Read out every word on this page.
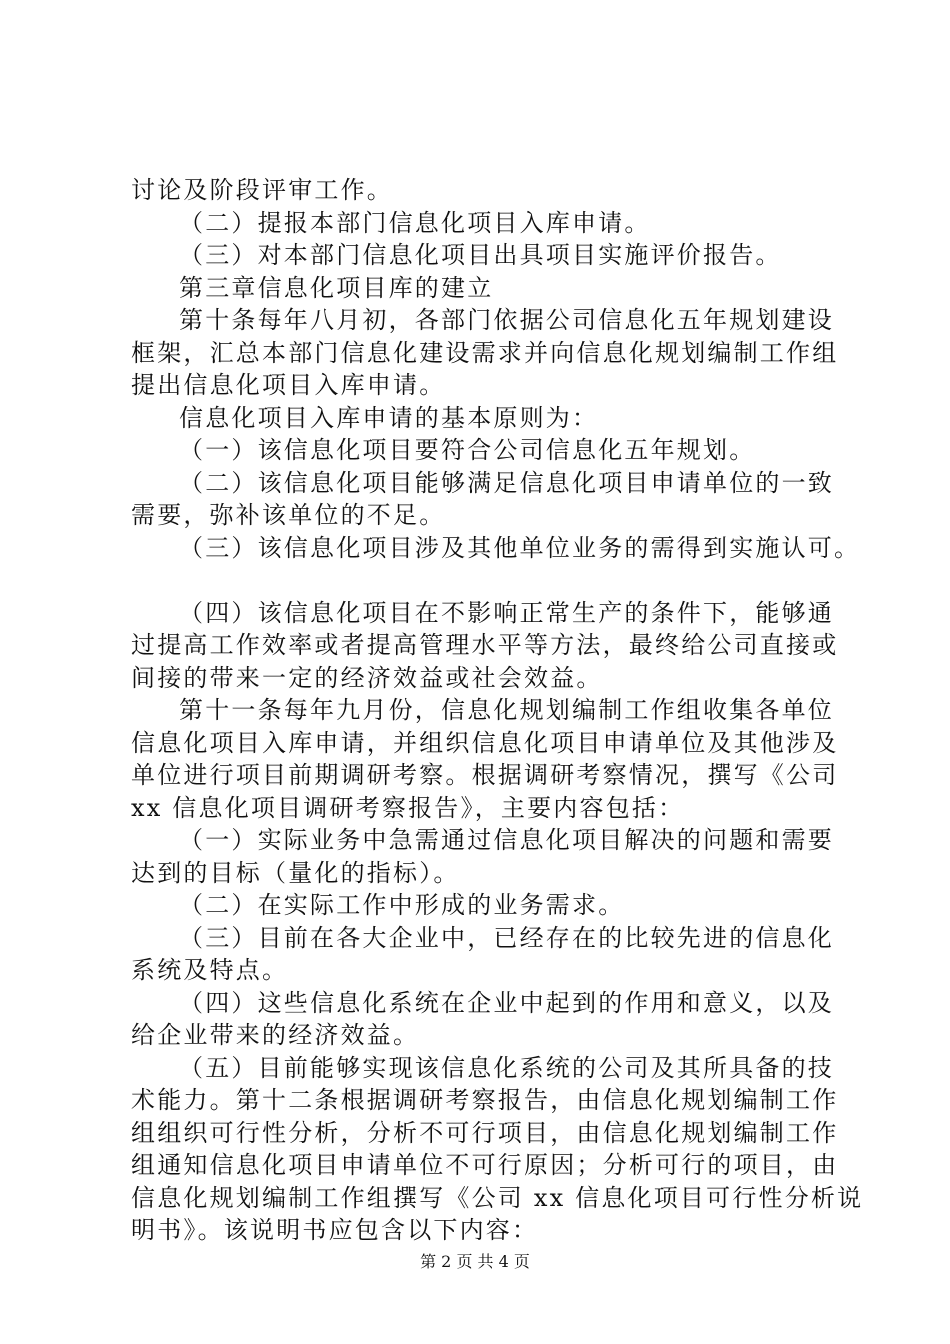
讨论及阶段评审工作。
（二）提报本部门信息化项目入库申请。
（三）对本部门信息化项目出具项目实施评价报告。
第三章信息化项目库的建立
第十条每年八月初，各部门依据公司信息化五年规划建设
框架，汇总本部门信息化建设需求并向信息化规划编制工作组
提出信息化项目入库申请。
信息化项目入库申请的基本原则为：
（一）该信息化项目要符合公司信息化五年规划。
（二）该信息化项目能够满足信息化项目申请单位的一致
需要，弥补该单位的不足。
（三）该信息化项目涉及其他单位业务的需得到实施认可。
（四）该信息化项目在不影响正常生产的条件下，能够通
过提高工作效率或者提高管理水平等方法，最终给公司直接或
间接的带来一定的经济效益或社会效益。
第十一条每年九月份，信息化规划编制工作组收集各单位
信息化项目入库申请，并组织信息化项目申请单位及其他涉及
单位进行项目前期调研考察。根据调研考察情况，撰写《公司
xx 信息化项目调研考察报告》，主要内容包括：
（一）实际业务中急需通过信息化项目解决的问题和需要
达到的目标（量化的指标）。
（二）在实际工作中形成的业务需求。
（三）目前在各大企业中，已经存在的比较先进的信息化
系统及特点。
（四）这些信息化系统在企业中起到的作用和意义，以及
给企业带来的经济效益。
（五）目前能够实现该信息化系统的公司及其所具备的技
术能力。第十二条根据调研考察报告，由信息化规划编制工作
组组织可行性分析，分析不可行项目，由信息化规划编制工作
组通知信息化项目申请单位不可行原因；分析可行的项目，由
信息化规划编制工作组撰写《公司 xx 信息化项目可行性分析说
明书》。该说明书应包含以下内容：
第 2 页 共 4 页
